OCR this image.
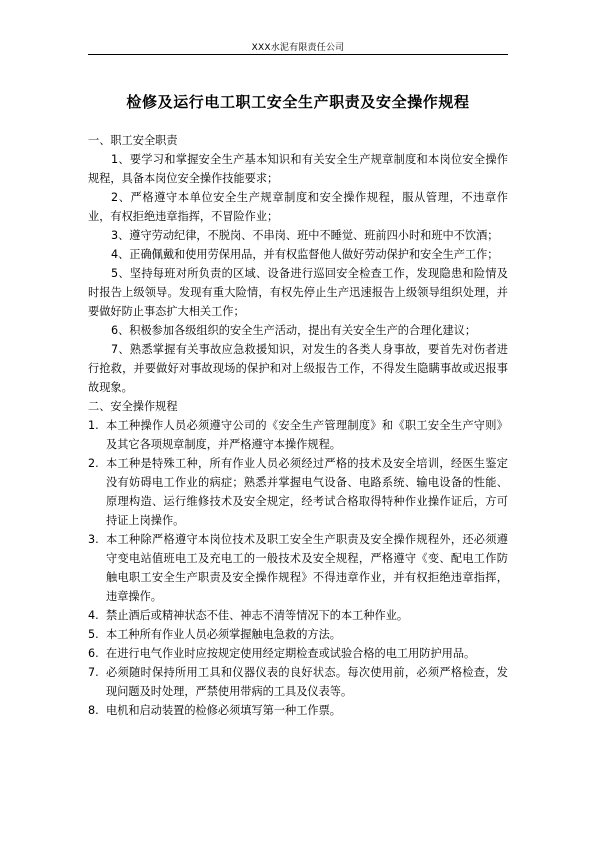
XXX水泥有限责任公司
检修及运行电工职工安全生产职责及安全操作规程

一、职工安全职责

1、要学习和掌握安全生产基本知识和有关安全生产规章制度和本岗位安全操作规程，具备本岗位安全操作技能要求；

2、严格遵守本单位安全生产规章制度和安全操作规程，服从管理，不违章作业，有权拒绝违章指挥，不冒险作业；

3、遵守劳动纪律，不脱岗、不串岗、班中不睡觉、班前四小时和班中不饮酒；

4、正确佩戴和使用劳保用品，并有权监督他人做好劳动保护和安全生产工作；

5、坚持每班对所负责的区域、设备进行巡回安全检查工作，发现隐患和险情及时报告上级领导。发现有重大险情，有权先停止生产迅速报告上级领导组织处理，并要做好防止事态扩大相关工作；

6、积极参加各级组织的安全生产活动，提出有关安全生产的合理化建议；

7、熟悉掌握有关事故应急救援知识，对发生的各类人身事故，要首先对伤者进行抢救，并要做好对事故现场的保护和对上级报告工作，不得发生隐瞒事故或迟报事故现象。

二、安全操作规程

1. 本工种操作人员必须遵守公司的《安全生产管理制度》和《职工安全生产守则》及其它各项规章制度，并严格遵守本操作规程。

2. 本工种是特殊工种，所有作业人员必须经过严格的技术及安全培训，经医生鉴定没有妨碍电工作业的病症；熟悉并掌握电气设备、电路系统、输电设备的性能、原理构造、运行维修技术及安全规定，经考试合格取得特种作业操作证后，方可持证上岗操作。

3. 本工种除严格遵守本岗位技术及职工安全生产职责及安全操作规程外，还必须遵守变电站值班电工及充电工的一般技术及安全规程，严格遵守《变、配电工作防触电职工安全生产职责及安全操作规程》不得违章作业，并有权拒绝违章指挥，违章操作。

4. 禁止酒后或精神状态不佳、神志不清等情况下的本工种作业。

5. 本工种所有作业人员必须掌握触电急救的方法。

6. 在进行电气作业时应按规定使用经定期检查或试验合格的电工用防护用品。

7. 必须随时保持所用工具和仪器仪表的良好状态。每次使用前，必须严格检查，发现问题及时处理，严禁使用带病的工具及仪表等。

8. 电机和启动装置的检修必须填写第一种工作票。
